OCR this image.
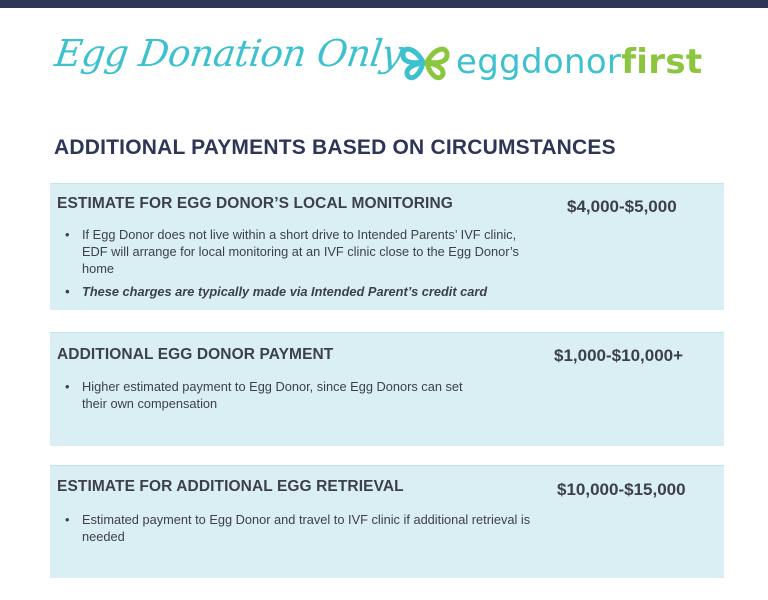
Egg Donation Only eggdonorfirst
ADDITIONAL PAYMENTS BASED ON CIRCUMSTANCES
ESTIMATE FOR EGG DONOR’S LOCAL MONITORING	$4,000-$5,000
• If Egg Donor does not live within a short drive to Intended Parents’ IVF clinic, EDF will arrange for local monitoring at an IVF clinic close to the Egg Donor’s home
• These charges are typically made via Intended Parent’s credit card
ADDITIONAL EGG DONOR PAYMENT	$1,000-$10,000+
• Higher estimated payment to Egg Donor, since Egg Donors can set their own compensation
ESTIMATE FOR ADDITIONAL EGG RETRIEVAL	$10,000-$15,000
• Estimated payment to Egg Donor and travel to IVF clinic if additional retrieval is needed
